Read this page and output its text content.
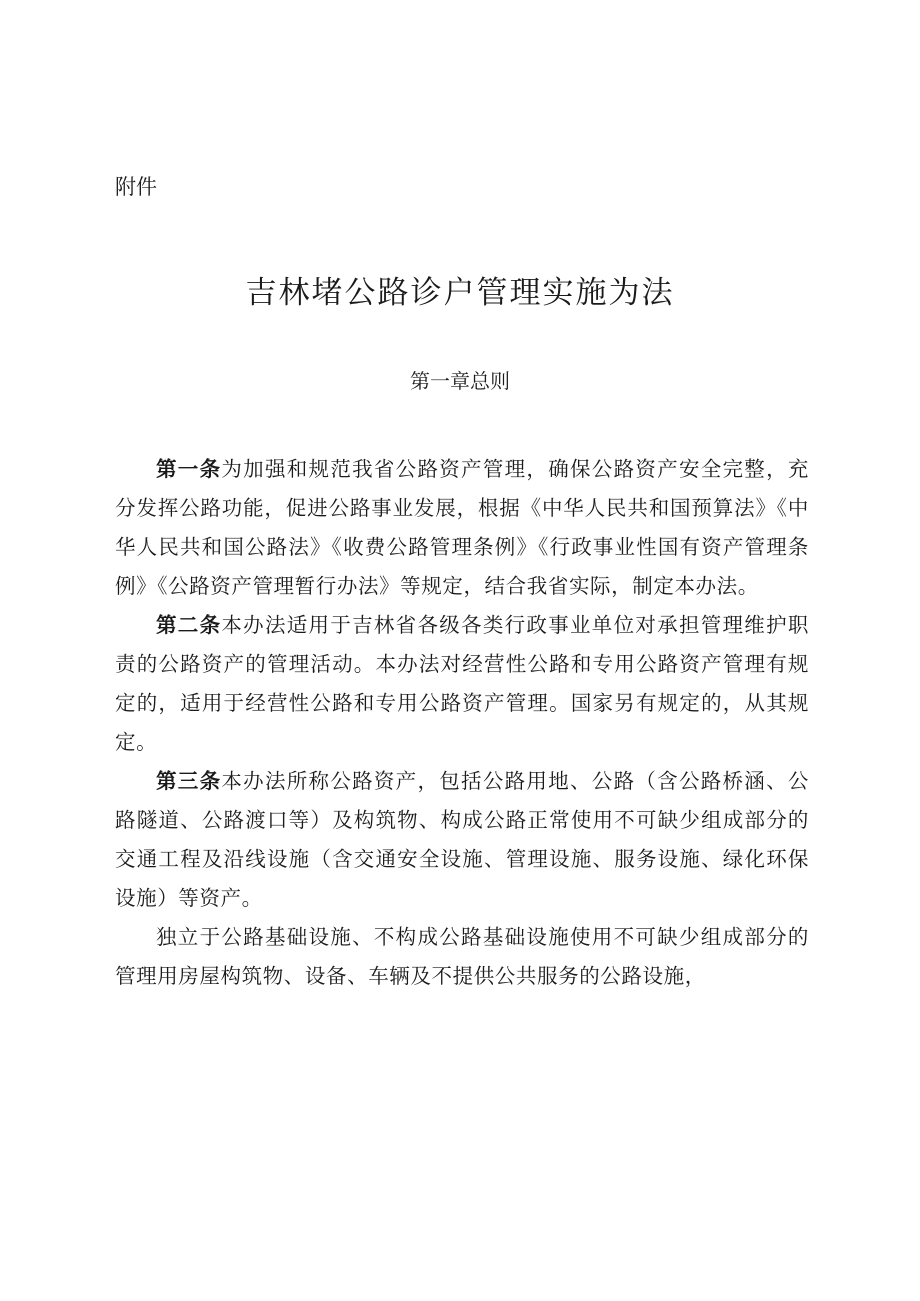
附件
吉林堵公路诊户管理实施为法
第一章总则

第一条为加强和规范我省公路资产管理，确保公路资产安全完整，充分发挥公路功能，促进公路事业发展，根据《中华人民共和国预算法》《中华人民共和国公路法》《收费公路管理条例》《行政事业性国有资产管理条例》《公路资产管理暂行办法》等规定，结合我省实际，制定本办法。

第二条本办法适用于吉林省各级各类行政事业单位对承担管理维护职责的公路资产的管理活动。本办法对经营性公路和专用公路资产管理有规定的，适用于经营性公路和专用公路资产管理。国家另有规定的，从其规定。

第三条本办法所称公路资产，包括公路用地、公路（含公路桥涵、公路隧道、公路渡口等）及构筑物、构成公路正常使用不可缺少组成部分的交通工程及沿线设施（含交通安全设施、管理设施、服务设施、绿化环保设施）等资产。

独立于公路基础设施、不构成公路基础设施使用不可缺少组成部分的管理用房屋构筑物、设备、车辆及不提供公共服务的公路设施，
